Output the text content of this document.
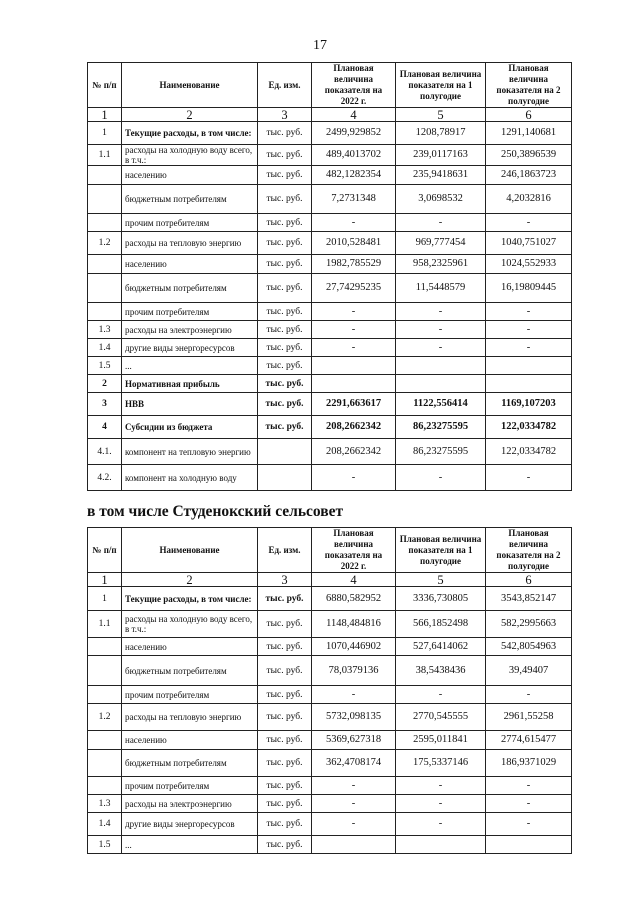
17
№ п/п	Наименование	Ед. изм.	Плановая величина показателя на 2022 г.	Плановая величина показателя на 1 полугодие	Плановая величина показателя на 2 полугодие
1	2	3	4	5	6
1	Текущие расходы, в том числе:	тыс. руб.	2499,929852	1208,78917	1291,140681
1.1	расходы на холодную воду всего, в т.ч.:	тыс. руб.	489,4013702	239,0117163	250,3896539
	населению	тыс. руб.	482,1282354	235,9418631	246,1863723
	бюджетным потребителям	тыс. руб.	7,2731348	3,0698532	4,2032816
	прочим потребителям	тыс. руб.	-	-	-
1.2	расходы на тепловую энергию	тыс. руб.	2010,528481	969,777454	1040,751027
	населению	тыс. руб.	1982,785529	958,2325961	1024,552933
	бюджетным потребителям	тыс. руб.	27,74295235	11,5448579	16,19809445
	прочим потребителям	тыс. руб.	-	-	-
1.3	расходы на электроэнергию	тыс. руб.	-	-	-
1.4	другие виды энергоресурсов	тыс. руб.	-	-	-
1.5	...	тыс. руб.			
2	Нормативная прибыль	тыс. руб.			
3	НВВ	тыс. руб.	2291,663617	1122,556414	1169,107203
4	Субсидии из бюджета	тыс. руб.	208,2662342	86,23275595	122,0334782
4.1.	компонент на тепловую энергию		208,2662342	86,23275595	122,0334782
4.2.	компонент на холодную воду		-	-	-
в том числе Студенокский сельсовет
№ п/п	Наименование	Ед. изм.	Плановая величина показателя на 2022 г.	Плановая величина показателя на 1 полугодие	Плановая величина показателя на 2 полугодие
1	2	3	4	5	6
1	Текущие расходы, в том числе:	тыс. руб.	6880,582952	3336,730805	3543,852147
1.1	расходы на холодную воду всего, в т.ч.:	тыс. руб.	1148,484816	566,1852498	582,2995663
	населению	тыс. руб.	1070,446902	527,6414062	542,8054963
	бюджетным потребителям	тыс. руб.	78,0379136	38,5438436	39,49407
	прочим потребителям	тыс. руб.	-	-	-
1.2	расходы на тепловую энергию	тыс. руб.	5732,098135	2770,545555	2961,55258
	населению	тыс. руб.	5369,627318	2595,011841	2774,615477
	бюджетным потребителям	тыс. руб.	362,4708174	175,5337146	186,9371029
	прочим потребителям	тыс. руб.	-	-	-
1.3	расходы на электроэнергию	тыс. руб.	-	-	-
1.4	другие виды энергоресурсов	тыс. руб.	-	-	-
1.5	...	тыс. руб.			
